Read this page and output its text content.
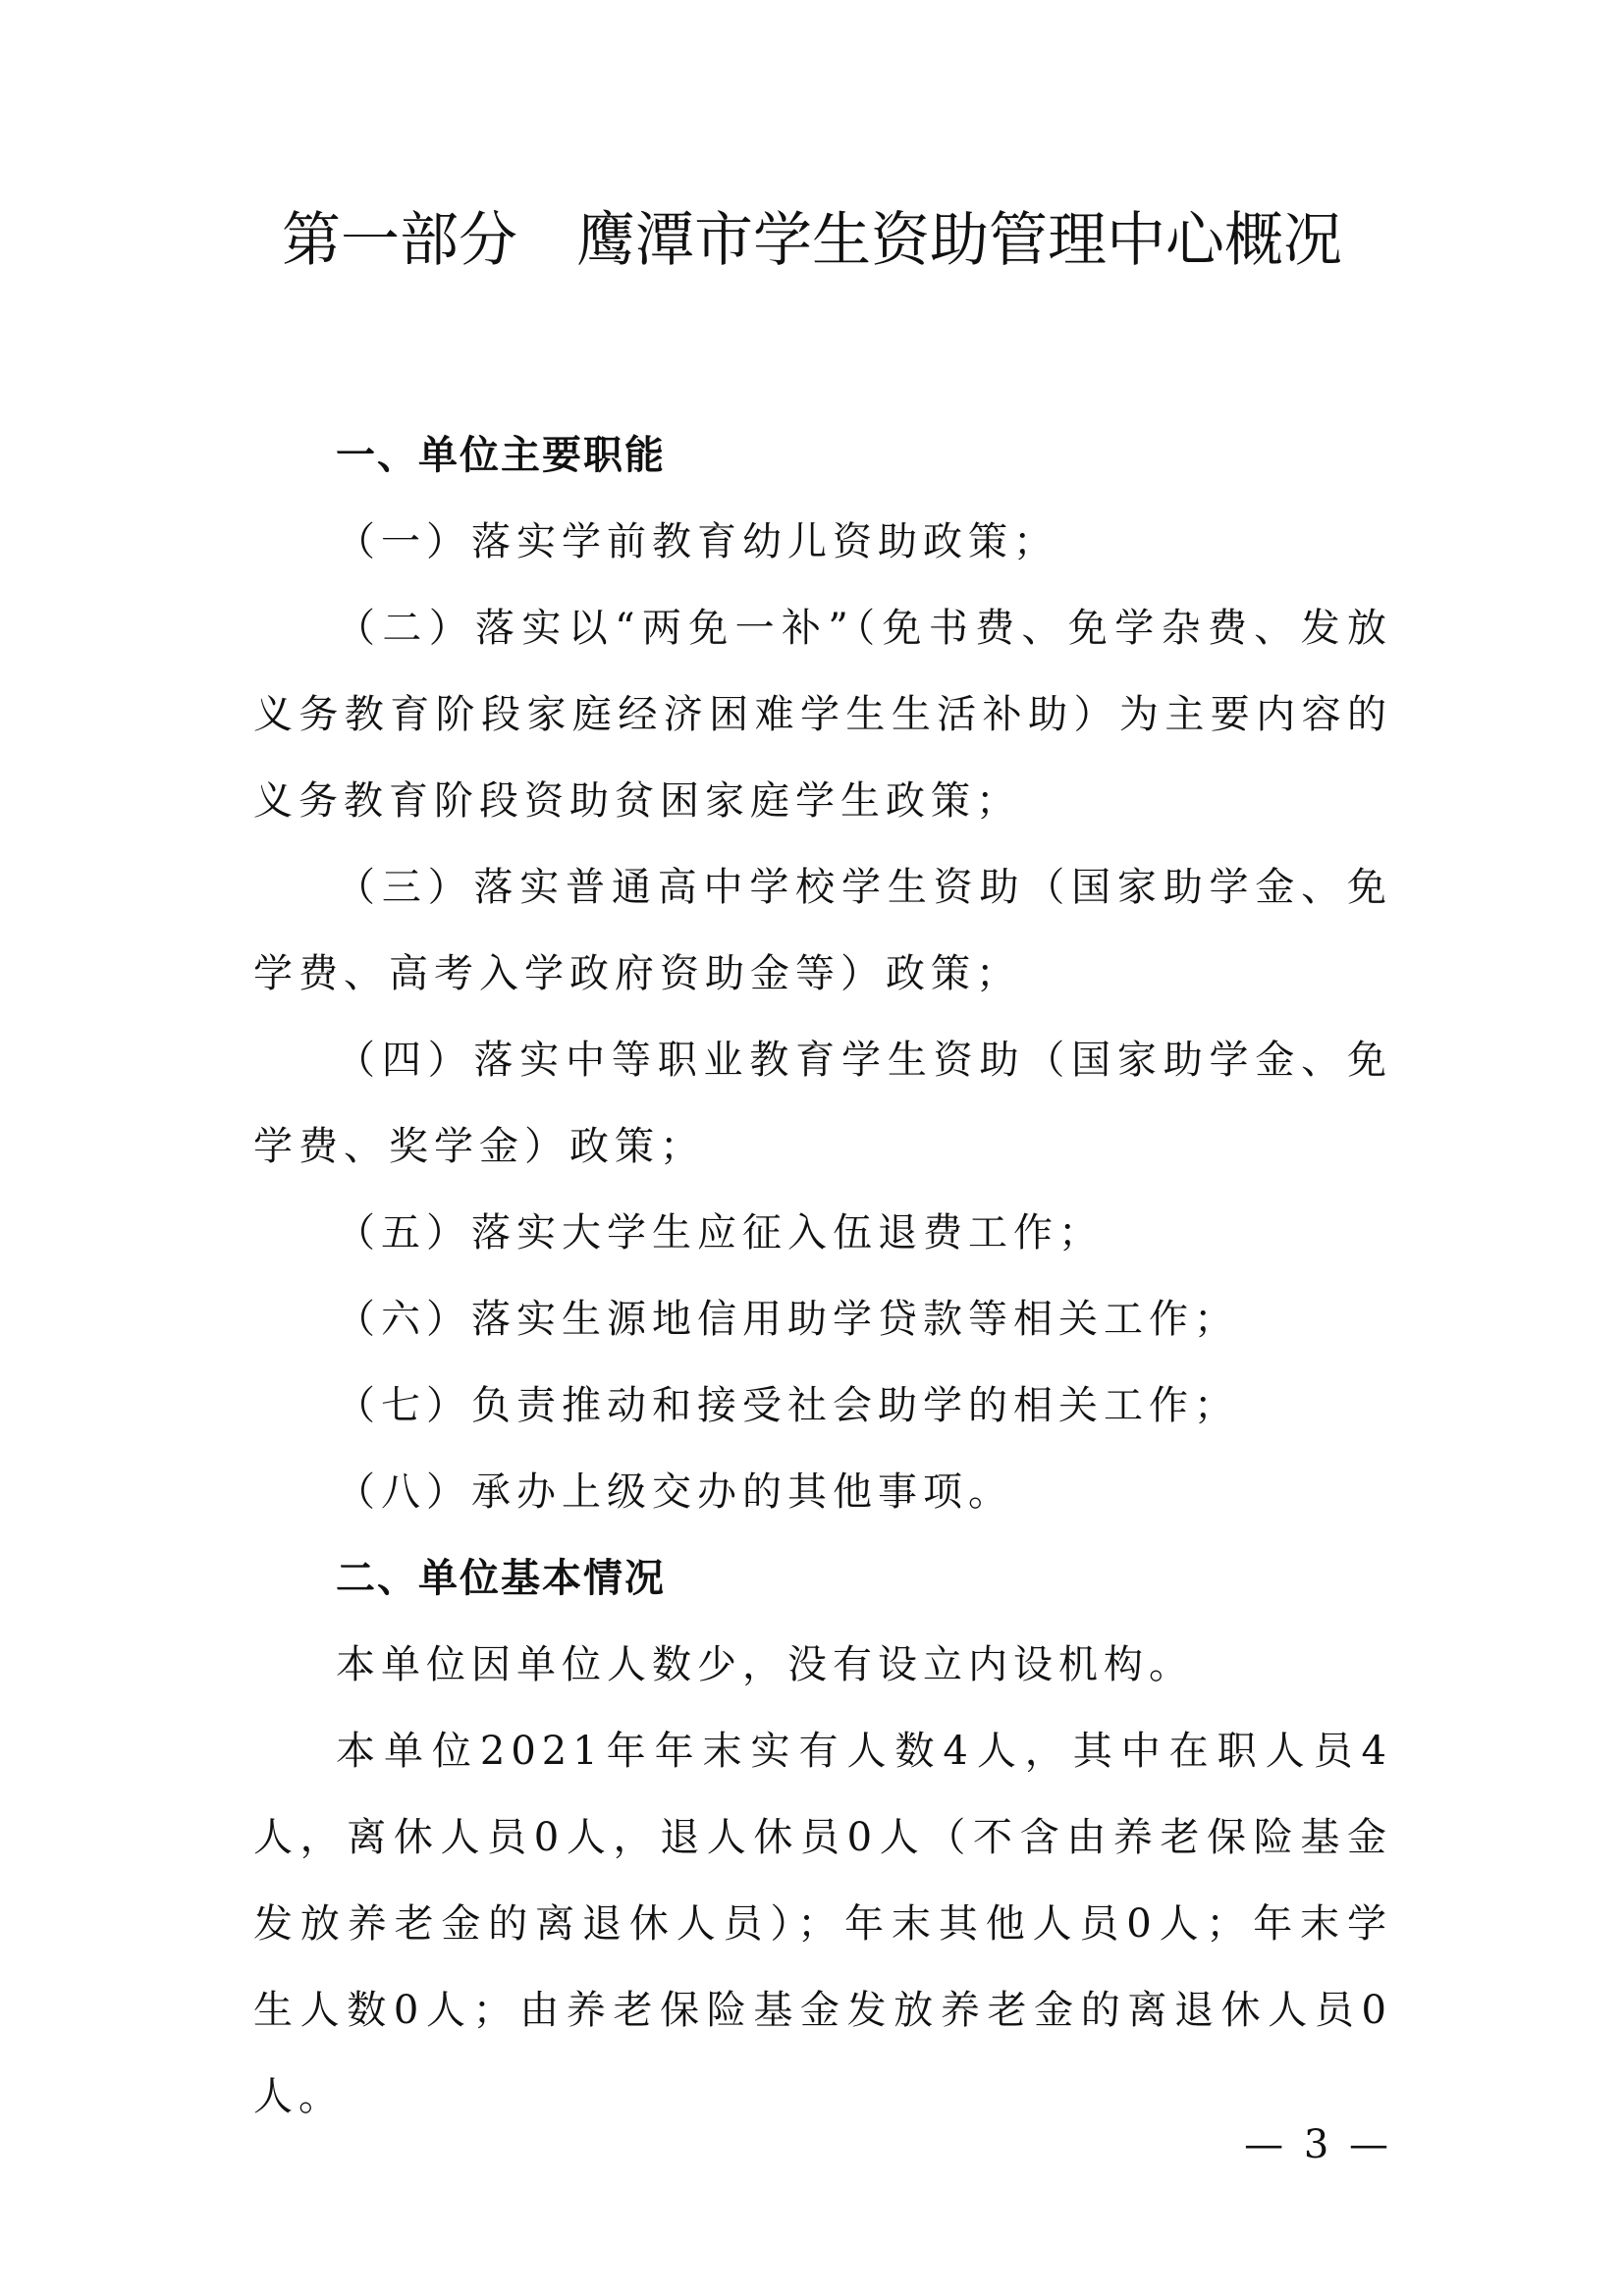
第一部分　鹰潭市学生资助管理中心概况

一、单位主要职能

（一）落实学前教育幼儿资助政策；

（二）落实以“两免一补”（免书费、免学杂费、发放义务教育阶段家庭经济困难学生生活补助）为主要内容的义务教育阶段资助贫困家庭学生政策；

（三）落实普通高中学校学生资助（国家助学金、免学费、高考入学政府资助金等）政策；

（四）落实中等职业教育学生资助（国家助学金、免学费、奖学金）政策；

（五）落实大学生应征入伍退费工作；

（六）落实生源地信用助学贷款等相关工作；

（七）负责推动和接受社会助学的相关工作；

（八）承办上级交办的其他事项。

二、单位基本情况

本单位因单位人数少，没有设立内设机构。

本单位2021年年末实有人数4人，其中在职人员4人，离休人员0人，退人休员0人（不含由养老保险基金发放养老金的离退休人员）；年末其他人员0人；年末学生人数0人；由养老保险基金发放养老金的离退休人员0人。

— 3 —
